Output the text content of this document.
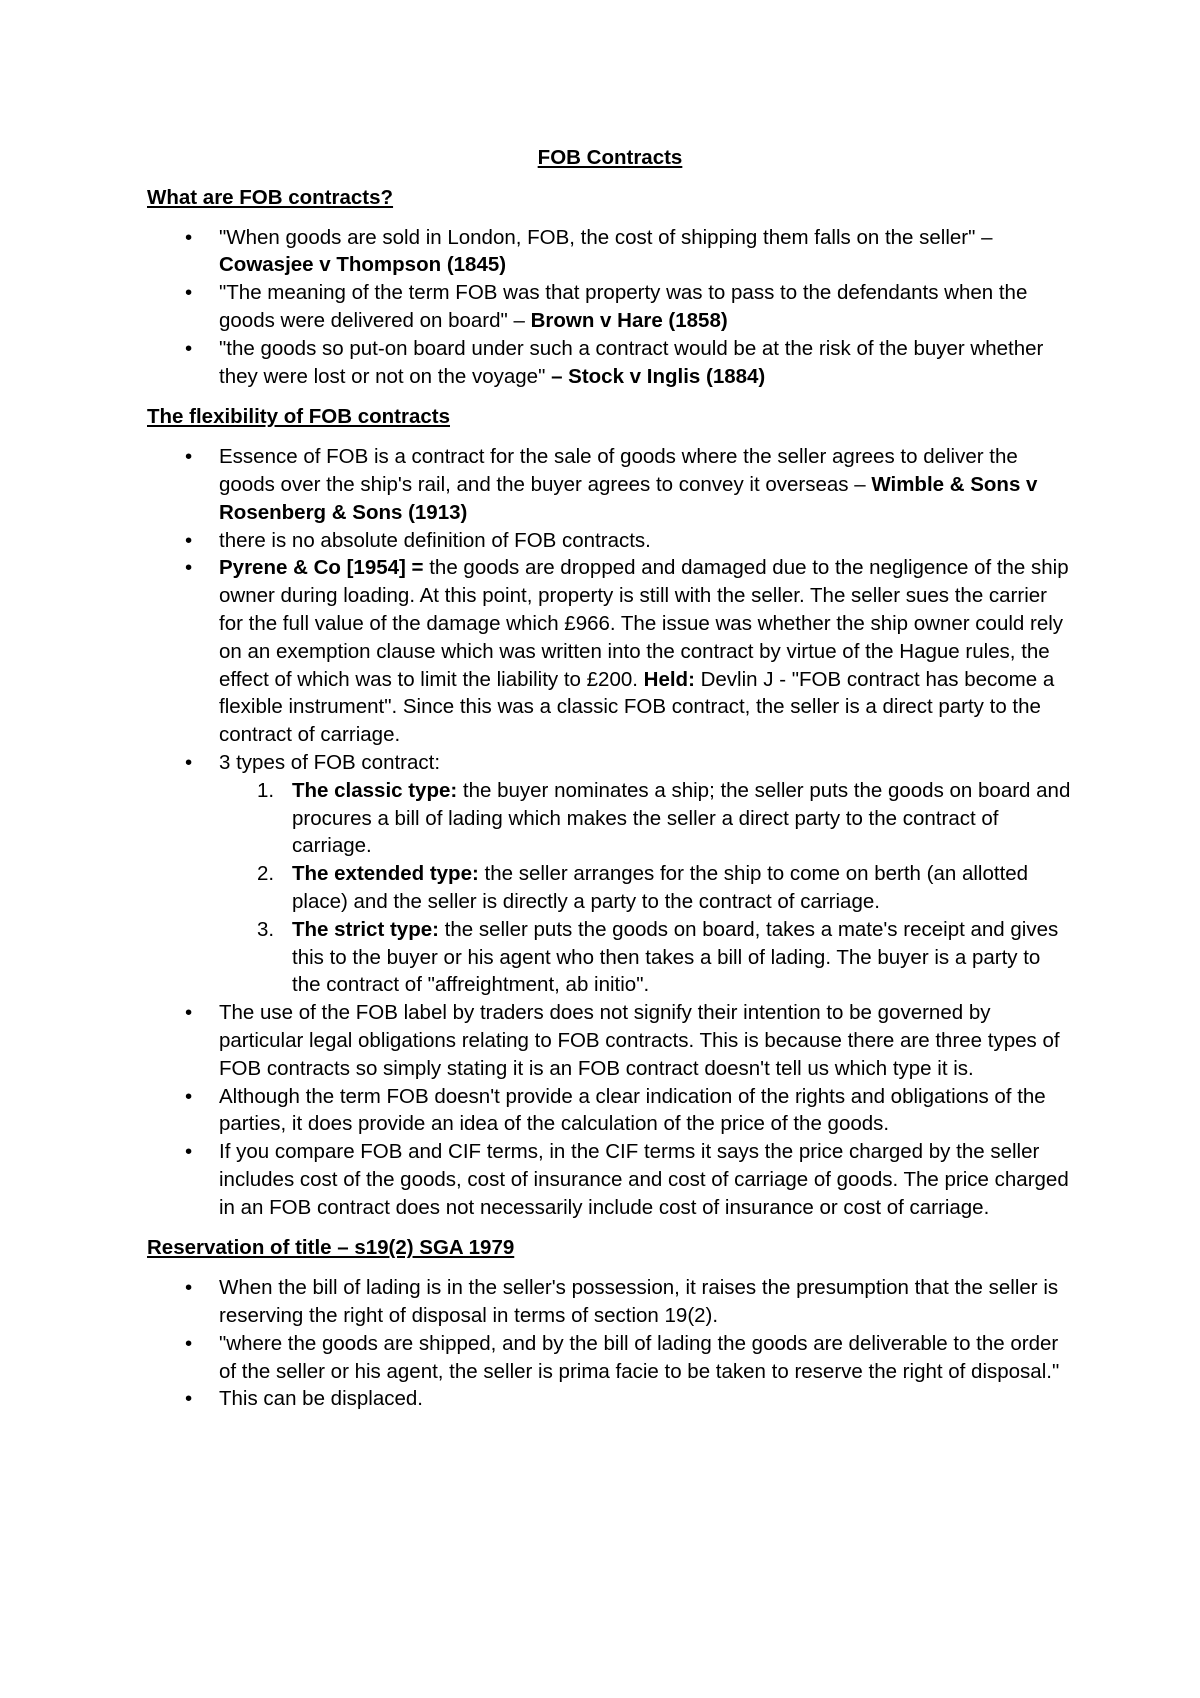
FOB Contracts
What are FOB contracts?
• "When goods are sold in London, FOB, the cost of shipping them falls on the seller" – Cowasjee v Thompson (1845)
• "The meaning of the term FOB was that property was to pass to the defendants when the goods were delivered on board" – Brown v Hare (1858)
• "the goods so put-on board under such a contract would be at the risk of the buyer whether they were lost or not on the voyage" – Stock v Inglis (1884)
The flexibility of FOB contracts
• Essence of FOB is a contract for the sale of goods where the seller agrees to deliver the goods over the ship's rail, and the buyer agrees to convey it overseas – Wimble & Sons v Rosenberg & Sons (1913)
• there is no absolute definition of FOB contracts.
• Pyrene & Co [1954] = the goods are dropped and damaged due to the negligence of the ship owner during loading. At this point, property is still with the seller. The seller sues the carrier for the full value of the damage which £966. The issue was whether the ship owner could rely on an exemption clause which was written into the contract by virtue of the Hague rules, the effect of which was to limit the liability to £200. Held: Devlin J - "FOB contract has become a flexible instrument". Since this was a classic FOB contract, the seller is a direct party to the contract of carriage.
• 3 types of FOB contract:
1. The classic type: the buyer nominates a ship; the seller puts the goods on board and procures a bill of lading which makes the seller a direct party to the contract of carriage.
2. The extended type: the seller arranges for the ship to come on berth (an allotted place) and the seller is directly a party to the contract of carriage.
3. The strict type: the seller puts the goods on board, takes a mate's receipt and gives this to the buyer or his agent who then takes a bill of lading. The buyer is a party to the contract of "affreightment, ab initio".
• The use of the FOB label by traders does not signify their intention to be governed by particular legal obligations relating to FOB contracts. This is because there are three types of FOB contracts so simply stating it is an FOB contract doesn't tell us which type it is.
• Although the term FOB doesn't provide a clear indication of the rights and obligations of the parties, it does provide an idea of the calculation of the price of the goods.
• If you compare FOB and CIF terms, in the CIF terms it says the price charged by the seller includes cost of the goods, cost of insurance and cost of carriage of goods. The price charged in an FOB contract does not necessarily include cost of insurance or cost of carriage.
Reservation of title – s19(2) SGA 1979
• When the bill of lading is in the seller's possession, it raises the presumption that the seller is reserving the right of disposal in terms of section 19(2).
• "where the goods are shipped, and by the bill of lading the goods are deliverable to the order of the seller or his agent, the seller is prima facie to be taken to reserve the right of disposal."
• This can be displaced.
